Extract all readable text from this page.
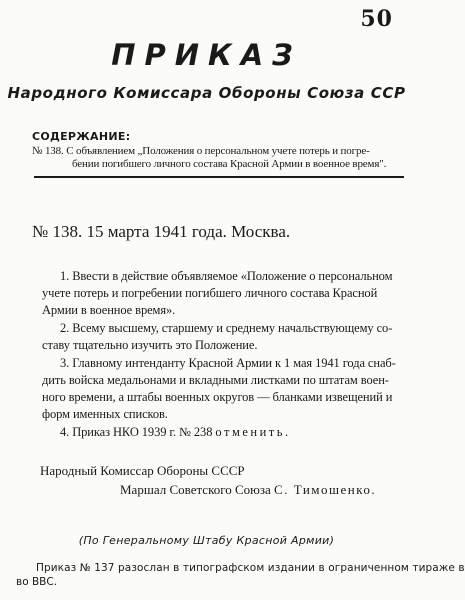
50
ПРИКАЗ
Народного Комиссара Обороны Союза ССР
СОДЕРЖАНИЕ:
№ 138. С объявлением „Положения о персональном учете потерь и погре-
бении погибшего личного состава Красной Армии в военное время".
№ 138. 15 марта 1941 года. Москва.
1. Ввести в действие объявляемое «Положение о персональном
учете потерь и погребении погибшего личного состава Красной
Армии в военное время».
2. Всему высшему, старшему и среднему начальствующему со-
ставу тщательно изучить это Положение.
3. Главному интенданту Красной Армии к 1 мая 1941 года снаб-
дить войска медальонами и вкладными листками по штатам воен-
ного времени, а штабы военных округов — бланками извещений и
форм именных списков.
4. Приказ НКО 1939 г. № 238 отменить.
Народный Комиссар Обороны СССР
Маршал Советского Союза С. Тимошенко.
(По Генеральному Штабу Красной Армии)
Приказ № 137 разослан в типографском издании в ограниченном тираже в
во ВВС.
